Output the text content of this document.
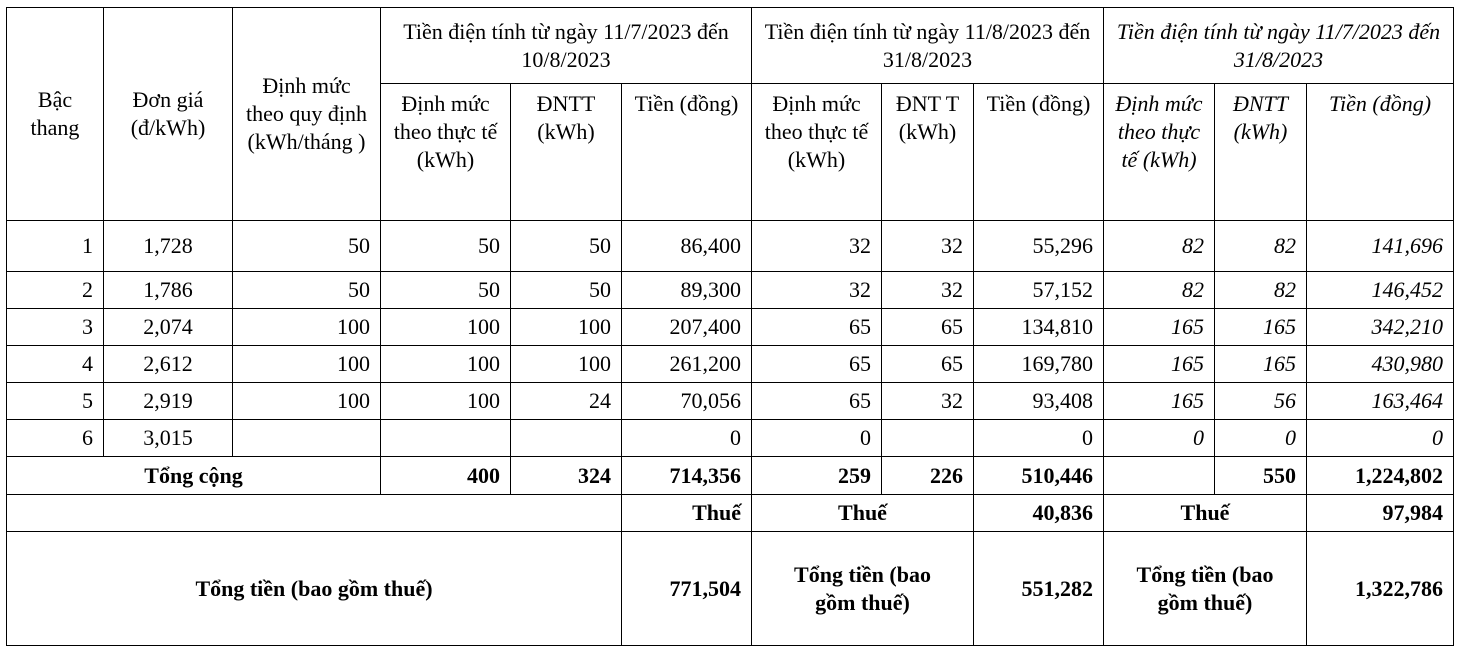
Bậc thang	Đơn giá (đ/kWh)	Định mức theo quy định (kWh/tháng )	Tiền điện tính từ ngày 11/7/2023 đến 10/8/2023			Tiền điện tính từ ngày 11/8/2023 đến 31/8/2023			Tiền điện tính từ ngày 11/7/2023 đến 31/8/2023		
			Định mức theo thực tế (kWh)	ĐNTT (kWh)	Tiền (đồng)	Định mức theo thực tế (kWh)	ĐNT T (kWh)	Tiền (đồng)	Định mức theo thực tế (kWh)	ĐNTT (kWh)	Tiền (đồng)
1	1,728	50	50	50	86,400	32	32	55,296	82	82	141,696
2	1,786	50	50	50	89,300	32	32	57,152	82	82	146,452
3	2,074	100	100	100	207,400	65	65	134,810	165	165	342,210
4	2,612	100	100	100	261,200	65	65	169,780	165	165	430,980
5	2,919	100	100	24	70,056	65	32	93,408	165	56	163,464
6	3,015				0	0		0	0	0	0
Tổng cộng			400	324	714,356	259	226	510,446		550	1,224,802
					Thuế	Thuế		40,836	Thuế		97,984
Tổng tiền (bao gồm thuế)					771,504	Tổng tiền (bao gồm thuế)		551,282	Tổng tiền (bao gồm thuế)		1,322,786
